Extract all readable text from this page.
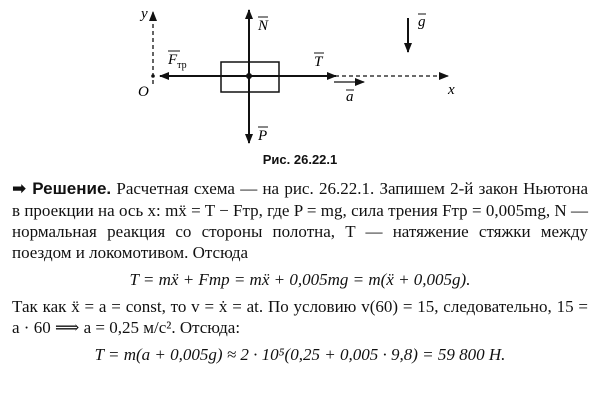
y
x
O
N	g
$F_{тр}$	T
a
P
Рис. 26.22.1

➡ Решение. Расчетная схема — на рис. 26.22.1. Запишем 2-й закон Ньютона в проекции на ось x: mẍ = T − Fтр, где P = mg, сила трения Fтр = 0,005mg, N — нормальная реакция со стороны полотна, T — натяжение стяжки между поездом и локомотивом. Отсюда

T = mẍ + Fтр = mẍ + 0,005mg = m(ẍ + 0,005g).

Так как ẍ = a = const, то v = ẋ = at. По условию v(60) = 15, следовательно, 15 = a · 60 ⟹ a = 0,25 м/с². Отсюда:

T = m(a + 0,005g) ≈ 2 · 10⁵(0,25 + 0,005 · 9,8) = 59 800 Н.
